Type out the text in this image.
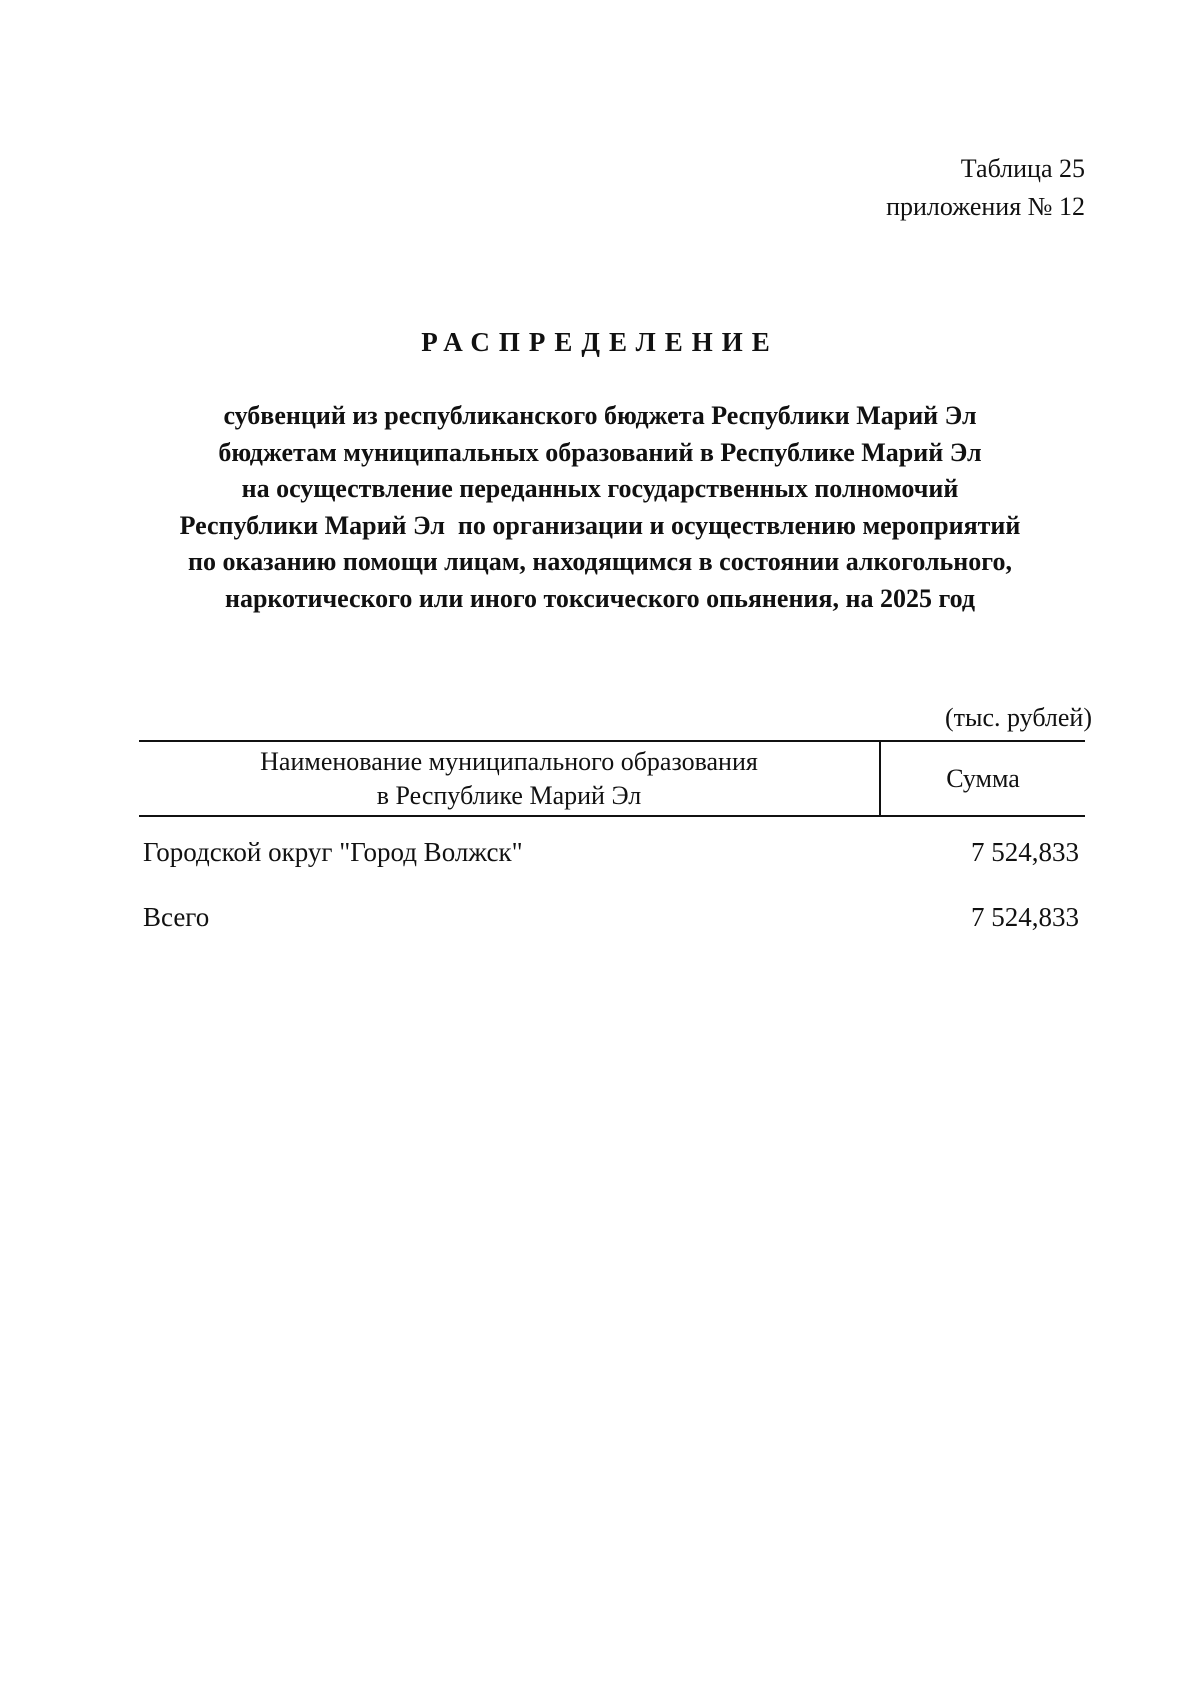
Таблица 25
приложения № 12
РАСПРЕДЕЛЕНИЕ
субвенций из республиканского бюджета Республики Марий Эл
бюджетам муниципальных образований в Республике Марий Эл
на осуществление переданных государственных полномочий
Республики Марий Эл  по организации и осуществлению мероприятий
по оказанию помощи лицам, находящимся в состоянии алкогольного,
наркотического или иного токсического опьянения, на 2025 год
(тыс. рублей)
Наименование муниципального образования
в Республике Марий Эл
Сумма
Городской округ "Город Волжск"	7 524,833
Всего	7 524,833
